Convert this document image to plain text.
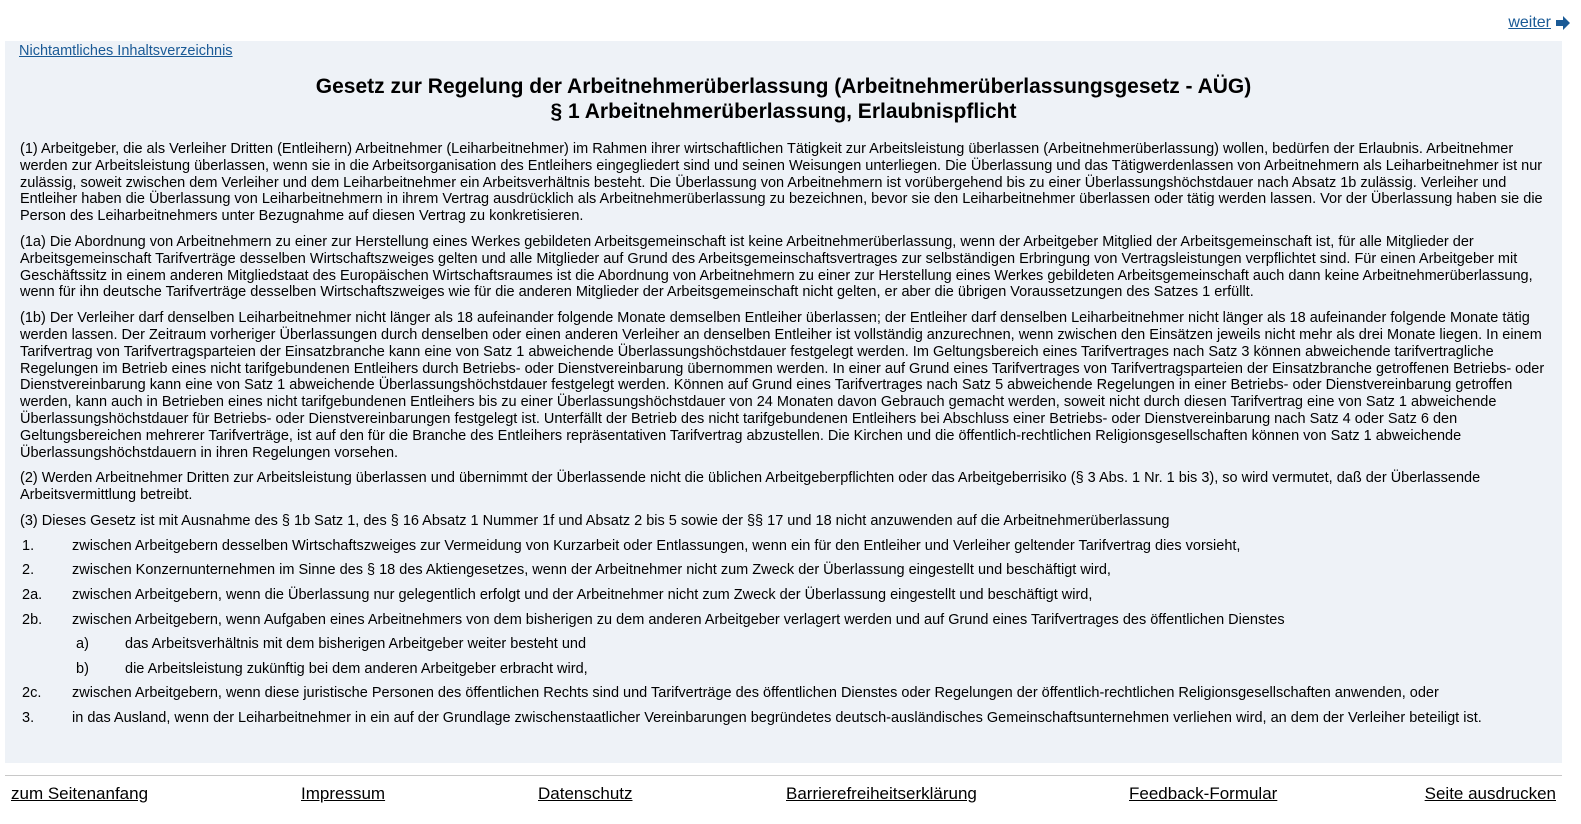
weiter
Nichtamtliches Inhaltsverzeichnis
Gesetz zur Regelung der Arbeitnehmerüberlassung (Arbeitnehmerüberlassungsgesetz - AÜG)
§ 1 Arbeitnehmerüberlassung, Erlaubnispflicht

(1) Arbeitgeber, die als Verleiher Dritten (Entleihern) Arbeitnehmer (Leiharbeitnehmer) im Rahmen ihrer wirtschaftlichen Tätigkeit zur Arbeitsleistung überlassen (Arbeitnehmerüberlassung) wollen, bedürfen der Erlaubnis. Arbeitnehmer werden zur Arbeitsleistung überlassen, wenn sie in die Arbeitsorganisation des Entleihers eingegliedert sind und seinen Weisungen unterliegen. Die Überlassung und das Tätigwerdenlassen von Arbeitnehmern als Leiharbeitnehmer ist nur zulässig, soweit zwischen dem Verleiher und dem Leiharbeitnehmer ein Arbeitsverhältnis besteht. Die Überlassung von Arbeitnehmern ist vorübergehend bis zu einer Überlassungshöchstdauer nach Absatz 1b zulässig. Verleiher und Entleiher haben die Überlassung von Leiharbeitnehmern in ihrem Vertrag ausdrücklich als Arbeitnehmerüberlassung zu bezeichnen, bevor sie den Leiharbeitnehmer überlassen oder tätig werden lassen. Vor der Überlassung haben sie die Person des Leiharbeitnehmers unter Bezugnahme auf diesen Vertrag zu konkretisieren.

(1a) Die Abordnung von Arbeitnehmern zu einer zur Herstellung eines Werkes gebildeten Arbeitsgemeinschaft ist keine Arbeitnehmerüberlassung, wenn der Arbeitgeber Mitglied der Arbeitsgemeinschaft ist, für alle Mitglieder der Arbeitsgemeinschaft Tarifverträge desselben Wirtschaftszweiges gelten und alle Mitglieder auf Grund des Arbeitsgemeinschaftsvertrages zur selbständigen Erbringung von Vertragsleistungen verpflichtet sind. Für einen Arbeitgeber mit Geschäftssitz in einem anderen Mitgliedstaat des Europäischen Wirtschaftsraumes ist die Abordnung von Arbeitnehmern zu einer zur Herstellung eines Werkes gebildeten Arbeitsgemeinschaft auch dann keine Arbeitnehmerüberlassung, wenn für ihn deutsche Tarifverträge desselben Wirtschaftszweiges wie für die anderen Mitglieder der Arbeitsgemeinschaft nicht gelten, er aber die übrigen Voraussetzungen des Satzes 1 erfüllt.

(1b) Der Verleiher darf denselben Leiharbeitnehmer nicht länger als 18 aufeinander folgende Monate demselben Entleiher überlassen; der Entleiher darf denselben Leiharbeitnehmer nicht länger als 18 aufeinander folgende Monate tätig werden lassen. Der Zeitraum vorheriger Überlassungen durch denselben oder einen anderen Verleiher an denselben Entleiher ist vollständig anzurechnen, wenn zwischen den Einsätzen jeweils nicht mehr als drei Monate liegen. In einem Tarifvertrag von Tarifvertragsparteien der Einsatzbranche kann eine von Satz 1 abweichende Überlassungshöchstdauer festgelegt werden. Im Geltungsbereich eines Tarifvertrages nach Satz 3 können abweichende tarifvertragliche Regelungen im Betrieb eines nicht tarifgebundenen Entleihers durch Betriebs- oder Dienstvereinbarung übernommen werden. In einer auf Grund eines Tarifvertrages von Tarifvertragsparteien der Einsatzbranche getroffenen Betriebs- oder Dienstvereinbarung kann eine von Satz 1 abweichende Überlassungshöchstdauer festgelegt werden. Können auf Grund eines Tarifvertrages nach Satz 5 abweichende Regelungen in einer Betriebs- oder Dienstvereinbarung getroffen werden, kann auch in Betrieben eines nicht tarifgebundenen Entleihers bis zu einer Überlassungshöchstdauer von 24 Monaten davon Gebrauch gemacht werden, soweit nicht durch diesen Tarifvertrag eine von Satz 1 abweichende Überlassungshöchstdauer für Betriebs- oder Dienstvereinbarungen festgelegt ist. Unterfällt der Betrieb des nicht tarifgebundenen Entleihers bei Abschluss einer Betriebs- oder Dienstvereinbarung nach Satz 4 oder Satz 6 den Geltungsbereichen mehrerer Tarifverträge, ist auf den für die Branche des Entleihers repräsentativen Tarifvertrag abzustellen. Die Kirchen und die öffentlich-rechtlichen Religionsgesellschaften können von Satz 1 abweichende Überlassungshöchstdauern in ihren Regelungen vorsehen.

(2) Werden Arbeitnehmer Dritten zur Arbeitsleistung überlassen und übernimmt der Überlassende nicht die üblichen Arbeitgeberpflichten oder das Arbeitgeberrisiko (§ 3 Abs. 1 Nr. 1 bis 3), so wird vermutet, daß der Überlassende Arbeitsvermittlung betreibt.

(3) Dieses Gesetz ist mit Ausnahme des § 1b Satz 1, des § 16 Absatz 1 Nummer 1f und Absatz 2 bis 5 sowie der §§ 17 und 18 nicht anzuwenden auf die Arbeitnehmerüberlassung

1.	zwischen Arbeitgebern desselben Wirtschaftszweiges zur Vermeidung von Kurzarbeit oder Entlassungen, wenn ein für den Entleiher und Verleiher geltender Tarifvertrag dies vorsieht,
2.	zwischen Konzernunternehmen im Sinne des § 18 des Aktiengesetzes, wenn der Arbeitnehmer nicht zum Zweck der Überlassung eingestellt und beschäftigt wird,
2a. zwischen Arbeitgebern, wenn die Überlassung nur gelegentlich erfolgt und der Arbeitnehmer nicht zum Zweck der Überlassung eingestellt und beschäftigt wird,
2b. zwischen Arbeitgebern, wenn Aufgaben eines Arbeitnehmers von dem bisherigen zu dem anderen Arbeitgeber verlagert werden und auf Grund eines Tarifvertrages des öffentlichen Dienstes
a) das Arbeitsverhältnis mit dem bisherigen Arbeitgeber weiter besteht und
b) die Arbeitsleistung zukünftig bei dem anderen Arbeitgeber erbracht wird,
2c. zwischen Arbeitgebern, wenn diese juristische Personen des öffentlichen Rechts sind und Tarifverträge des öffentlichen Dienstes oder Regelungen der öffentlich-rechtlichen Religionsgesellschaften anwenden, oder
3.	in das Ausland, wenn der Leiharbeitnehmer in ein auf der Grundlage zwischenstaatlicher Vereinbarungen begründetes deutsch-ausländisches Gemeinschaftsunternehmen verliehen wird, an dem der Verleiher beteiligt ist.
zum Seitenanfang	Impressum	Datenschutz	Barrierefreiheitserklärung	Feedback-Formular	Seite ausdrucken
